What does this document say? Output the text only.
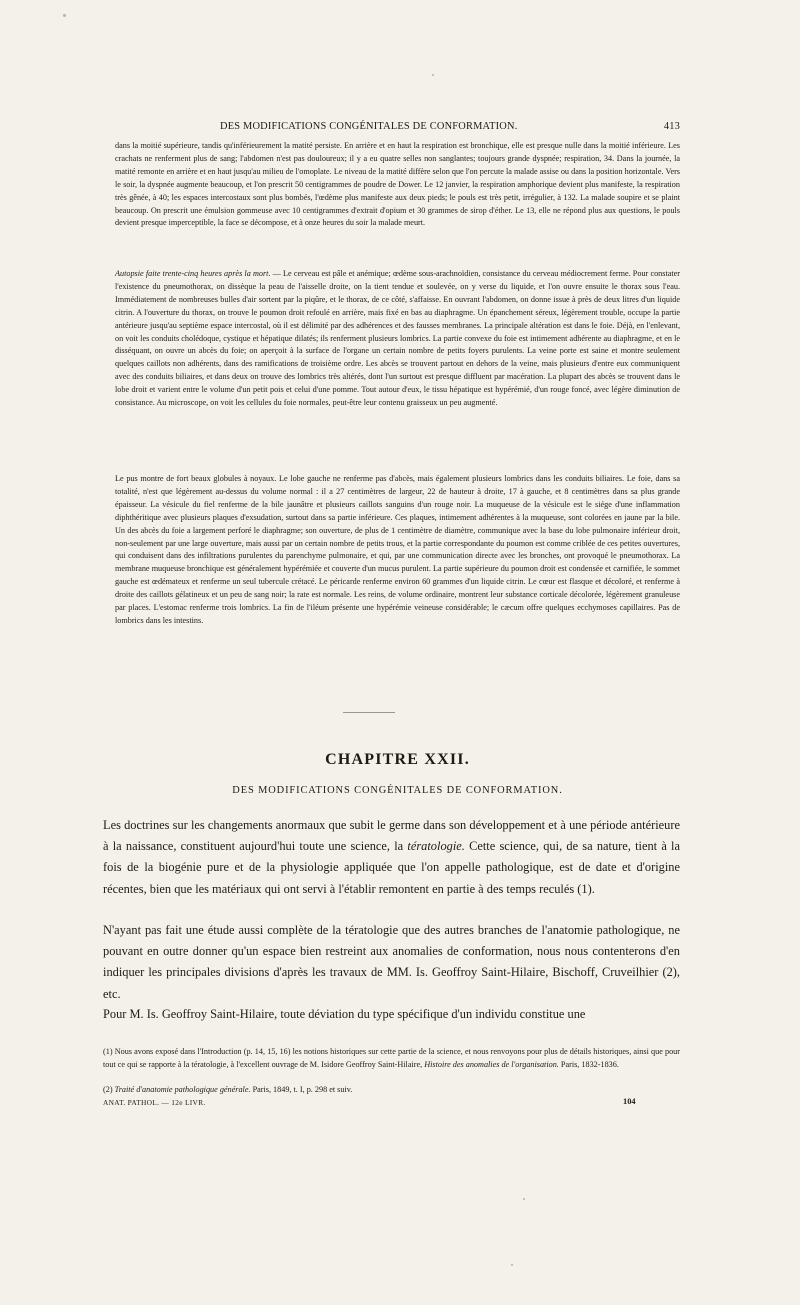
DES MODIFICATIONS CONGÉNITALES DE CONFORMATION.	413

dans la moitié supérieure, tandis qu'inférieurement la matité persiste. En arrière et en haut la respiration est bronchique, elle est presque nulle dans la moitié inférieure. Les crachats ne renferment plus de sang; l'abdomen n'est pas douloureux; il y a eu quatre selles non sanglantes; toujours grande dyspnée; respiration, 34. Dans la journée, la matité remonte en arrière et en haut jusqu'au milieu de l'omoplate. Le niveau de la matité diffère selon que l'on percute la malade assise ou dans la position horizontale. Vers le soir, la dyspnée augmente beaucoup, et l'on prescrit 50 centigrammes de poudre de Dower. Le 12 janvier, la respiration amphorique devient plus manifeste, la respiration très gênée, à 40; les espaces intercostaux sont plus bombés, l'œdème plus manifeste aux deux pieds; le pouls est très petit, irrégulier, à 132. La malade soupire et se plaint beaucoup. On prescrit une émulsion gommeuse avec 10 centigrammes d'extrait d'opium et 30 grammes de sirop d'éther. Le 13, elle ne répond plus aux questions, le pouls devient presque imperceptible, la face se décompose, et à onze heures du soir la malade meurt.

Autopsie faite trente-cinq heures après la mort. — Le cerveau est pâle et anémique; œdème sous-arachnoïdien, consistance du cerveau médiocrement ferme. Pour constater l'existence du pneumothorax, on dissèque la peau de l'aisselle droite, on la tient tendue et soulevée, on y verse du liquide, et l'on ouvre ensuite le thorax sous l'eau. Immédiatement de nombreuses bulles d'air sortent par la piqûre, et le thorax, de ce côté, s'affaisse. En ouvrant l'abdomen, on donne issue à près de deux litres d'un liquide citrin. A l'ouverture du thorax, on trouve le poumon droit refoulé en arrière, mais fixé en bas au diaphragme. Un épanchement séreux, légèrement trouble, occupe la partie antérieure jusqu'au septième espace intercostal, où il est délimité par des adhérences et des fausses membranes. La principale altération est dans le foie. Déjà, en l'enlevant, on voit les conduits cholédoque, cystique et hépatique dilatés; ils renferment plusieurs lombrics. La partie convexe du foie est intimement adhérente au diaphragme, et en le disséquant, on ouvre un abcès du foie; on aperçoit à la surface de l'organe un certain nombre de petits foyers purulents. La veine porte est saine et montre seulement quelques caillots non adhérents, dans des ramifications de troisième ordre. Les abcès se trouvent partout en dehors de la veine, mais plusieurs d'entre eux communiquent avec des conduits biliaires, et dans deux on trouve des lombrics très altérés, dont l'un surtout est presque diffluent par macération. La plupart des abcès se trouvent dans le lobe droit et varient entre le volume d'un petit pois et celui d'une pomme. Tout autour d'eux, le tissu hépatique est hypérémié, d'un rouge foncé, avec légère diminution de consistance. Au microscope, on voit les cellules du foie normales, peut-être leur contenu graisseux un peu augmenté.

Le pus montre de fort beaux globules à noyaux. Le lobe gauche ne renferme pas d'abcès, mais également plusieurs lombrics dans les conduits biliaires. Le foie, dans sa totalité, n'est que légèrement au-dessus du volume normal : il a 27 centimètres de largeur, 22 de hauteur à droite, 17 à gauche, et 8 centimètres dans sa plus grande épaisseur. La vésicule du fiel renferme de la bile jaunâtre et plusieurs caillots sanguins d'un rouge noir. La muqueuse de la vésicule est le siége d'une inflammation diphthéritique avec plusieurs plaques d'exsudation, surtout dans sa partie inférieure. Ces plaques, intimement adhérentes à la muqueuse, sont colorées en jaune par la bile. Un des abcès du foie a largement perforé le diaphragme; son ouverture, de plus de 1 centimètre de diamètre, communique avec la base du lobe pulmonaire inférieur droit, non-seulement par une large ouverture, mais aussi par un certain nombre de petits trous, et la partie correspondante du poumon est comme criblée de ces petites ouvertures, qui conduisent dans des infiltrations purulentes du parenchyme pulmonaire, et qui, par une communication directe avec les bronches, ont provoqué le pneumothorax. La membrane muqueuse bronchique est généralement hypérémiée et couverte d'un mucus purulent. La partie supérieure du poumon droit est condensée et carnifiée, le sommet gauche est œdémateux et renferme un seul tubercule crétacé. Le péricarde renferme environ 60 grammes d'un liquide citrin. Le cœur est flasque et décoloré, et renferme à droite des caillots gélatineux et un peu de sang noir; la rate est normale. Les reins, de volume ordinaire, montrent leur substance corticale décolorée, légèrement granuleuse par places. L'estomac renferme trois lombrics. La fin de l'iléum présente une hypérémie veineuse considérable; le cæcum offre quelques ecchymoses capillaires. Pas de lombrics dans les intestins.

CHAPITRE XXII.
DES MODIFICATIONS CONGÉNITALES DE CONFORMATION.

Les doctrines sur les changements anormaux que subit le germe dans son développement et à une période antérieure à la naissance, constituent aujourd'hui toute une science, la tératologie. Cette science, qui, de sa nature, tient à la fois de la biogénie pure et de la physiologie appliquée que l'on appelle pathologique, est de date et d'origine récentes, bien que les matériaux qui ont servi à l'établir remontent en partie à des temps reculés (1).

N'ayant pas fait une étude aussi complète de la tératologie que des autres branches de l'anatomie pathologique, ne pouvant en outre donner qu'un espace bien restreint aux anomalies de conformation, nous nous contenterons d'en indiquer les principales divisions d'après les travaux de MM. Is. Geoffroy Saint-Hilaire, Bischoff, Cruveilhier (2), etc.

Pour M. Is. Geoffroy Saint-Hilaire, toute déviation du type spécifique d'un individu constitue une

(1) Nous avons exposé dans l'Introduction (p. 14, 15, 16) les notions historiques sur cette partie de la science, et nous renvoyons pour plus de détails historiques, ainsi que pour tout ce qui se rapporte à la tératologie, à l'excellent ouvrage de M. Isidore Geoffroy Saint-Hilaire, Histoire des anomalies de l'organisation. Paris, 1832-1836.

(2) Traité d'anatomie pathologique générale. Paris, 1849, t. I, p. 298 et suiv.

ANAT. PATHOL. — 12e LIVR.	104
